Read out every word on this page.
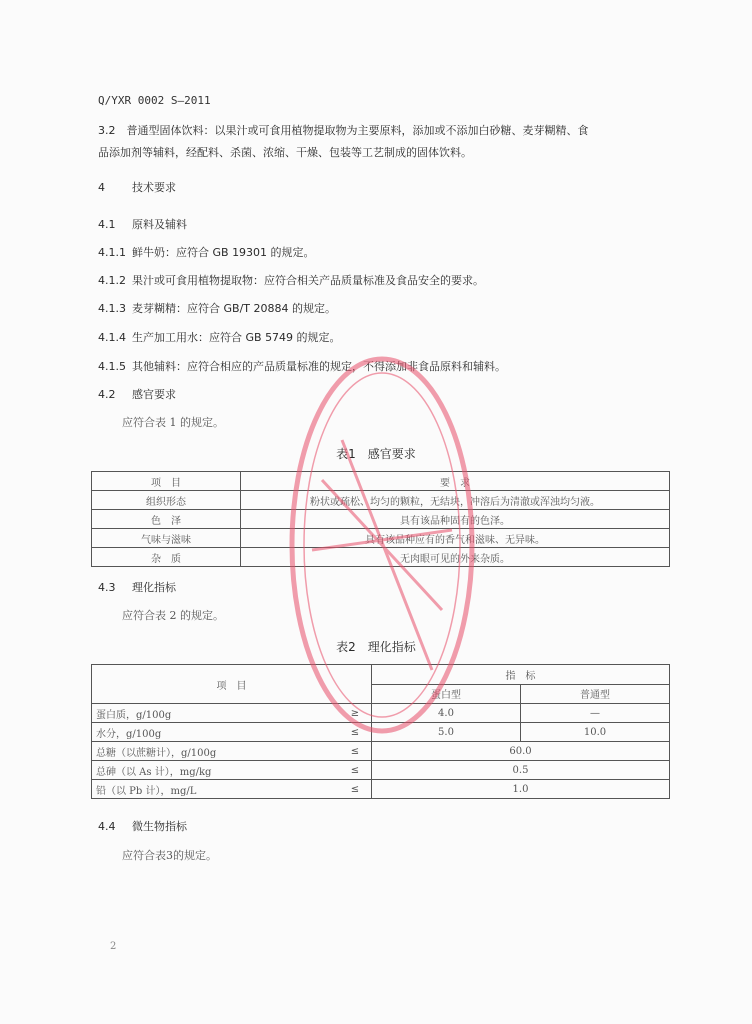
Q/YXR 0002 S—2011
3.2　 普通型固体饮料：以果汁或可食用植物提取物为主要原料，添加或不添加白砂糖、麦芽糊精、食
品添加剂等辅料，经配料、杀菌、浓缩、干燥、包装等工艺制成的固体饮料。
4 技术要求
4.1 原料及辅料
4.1.1 鲜牛奶：应符合 GB 19301 的规定。
4.1.2 果汁或可食用植物提取物：应符合相关产品质量标准及食品安全的要求。
4.1.3 麦芽糊精：应符合 GB/T 20884 的规定。
4.1.4 生产加工用水：应符合 GB 5749 的规定。
4.1.5 其他辅料：应符合相应的产品质量标准的规定，不得添加非食品原料和辅料。
4.2 感官要求
应符合表 1 的规定。
表1　感官要求
项　目	要　求
组织形态	粉状或疏松、均匀的颗粒，无结块，冲溶后为清澈或浑浊均匀液。
色　泽	具有该品种固有的色泽。
气味与滋味	具有该品种应有的香气和滋味、无异味。
杂　质	无肉眼可见的外来杂质。
4.3 理化指标
应符合表 2 的规定。
表2　理化指标
项　目		指　标	
		蛋白型	普通型
蛋白质，g/100g	≥	4.0	—
水分，g/100g	≤	5.0	10.0
总糖（以蔗糖计），g/100g	≤	60.0	
总砷（以 As 计），mg/kg	≤	0.5	
铅（以 Pb 计），mg/L	≤	1.0	
4.4 微生物指标
应符合表3的规定。
2
